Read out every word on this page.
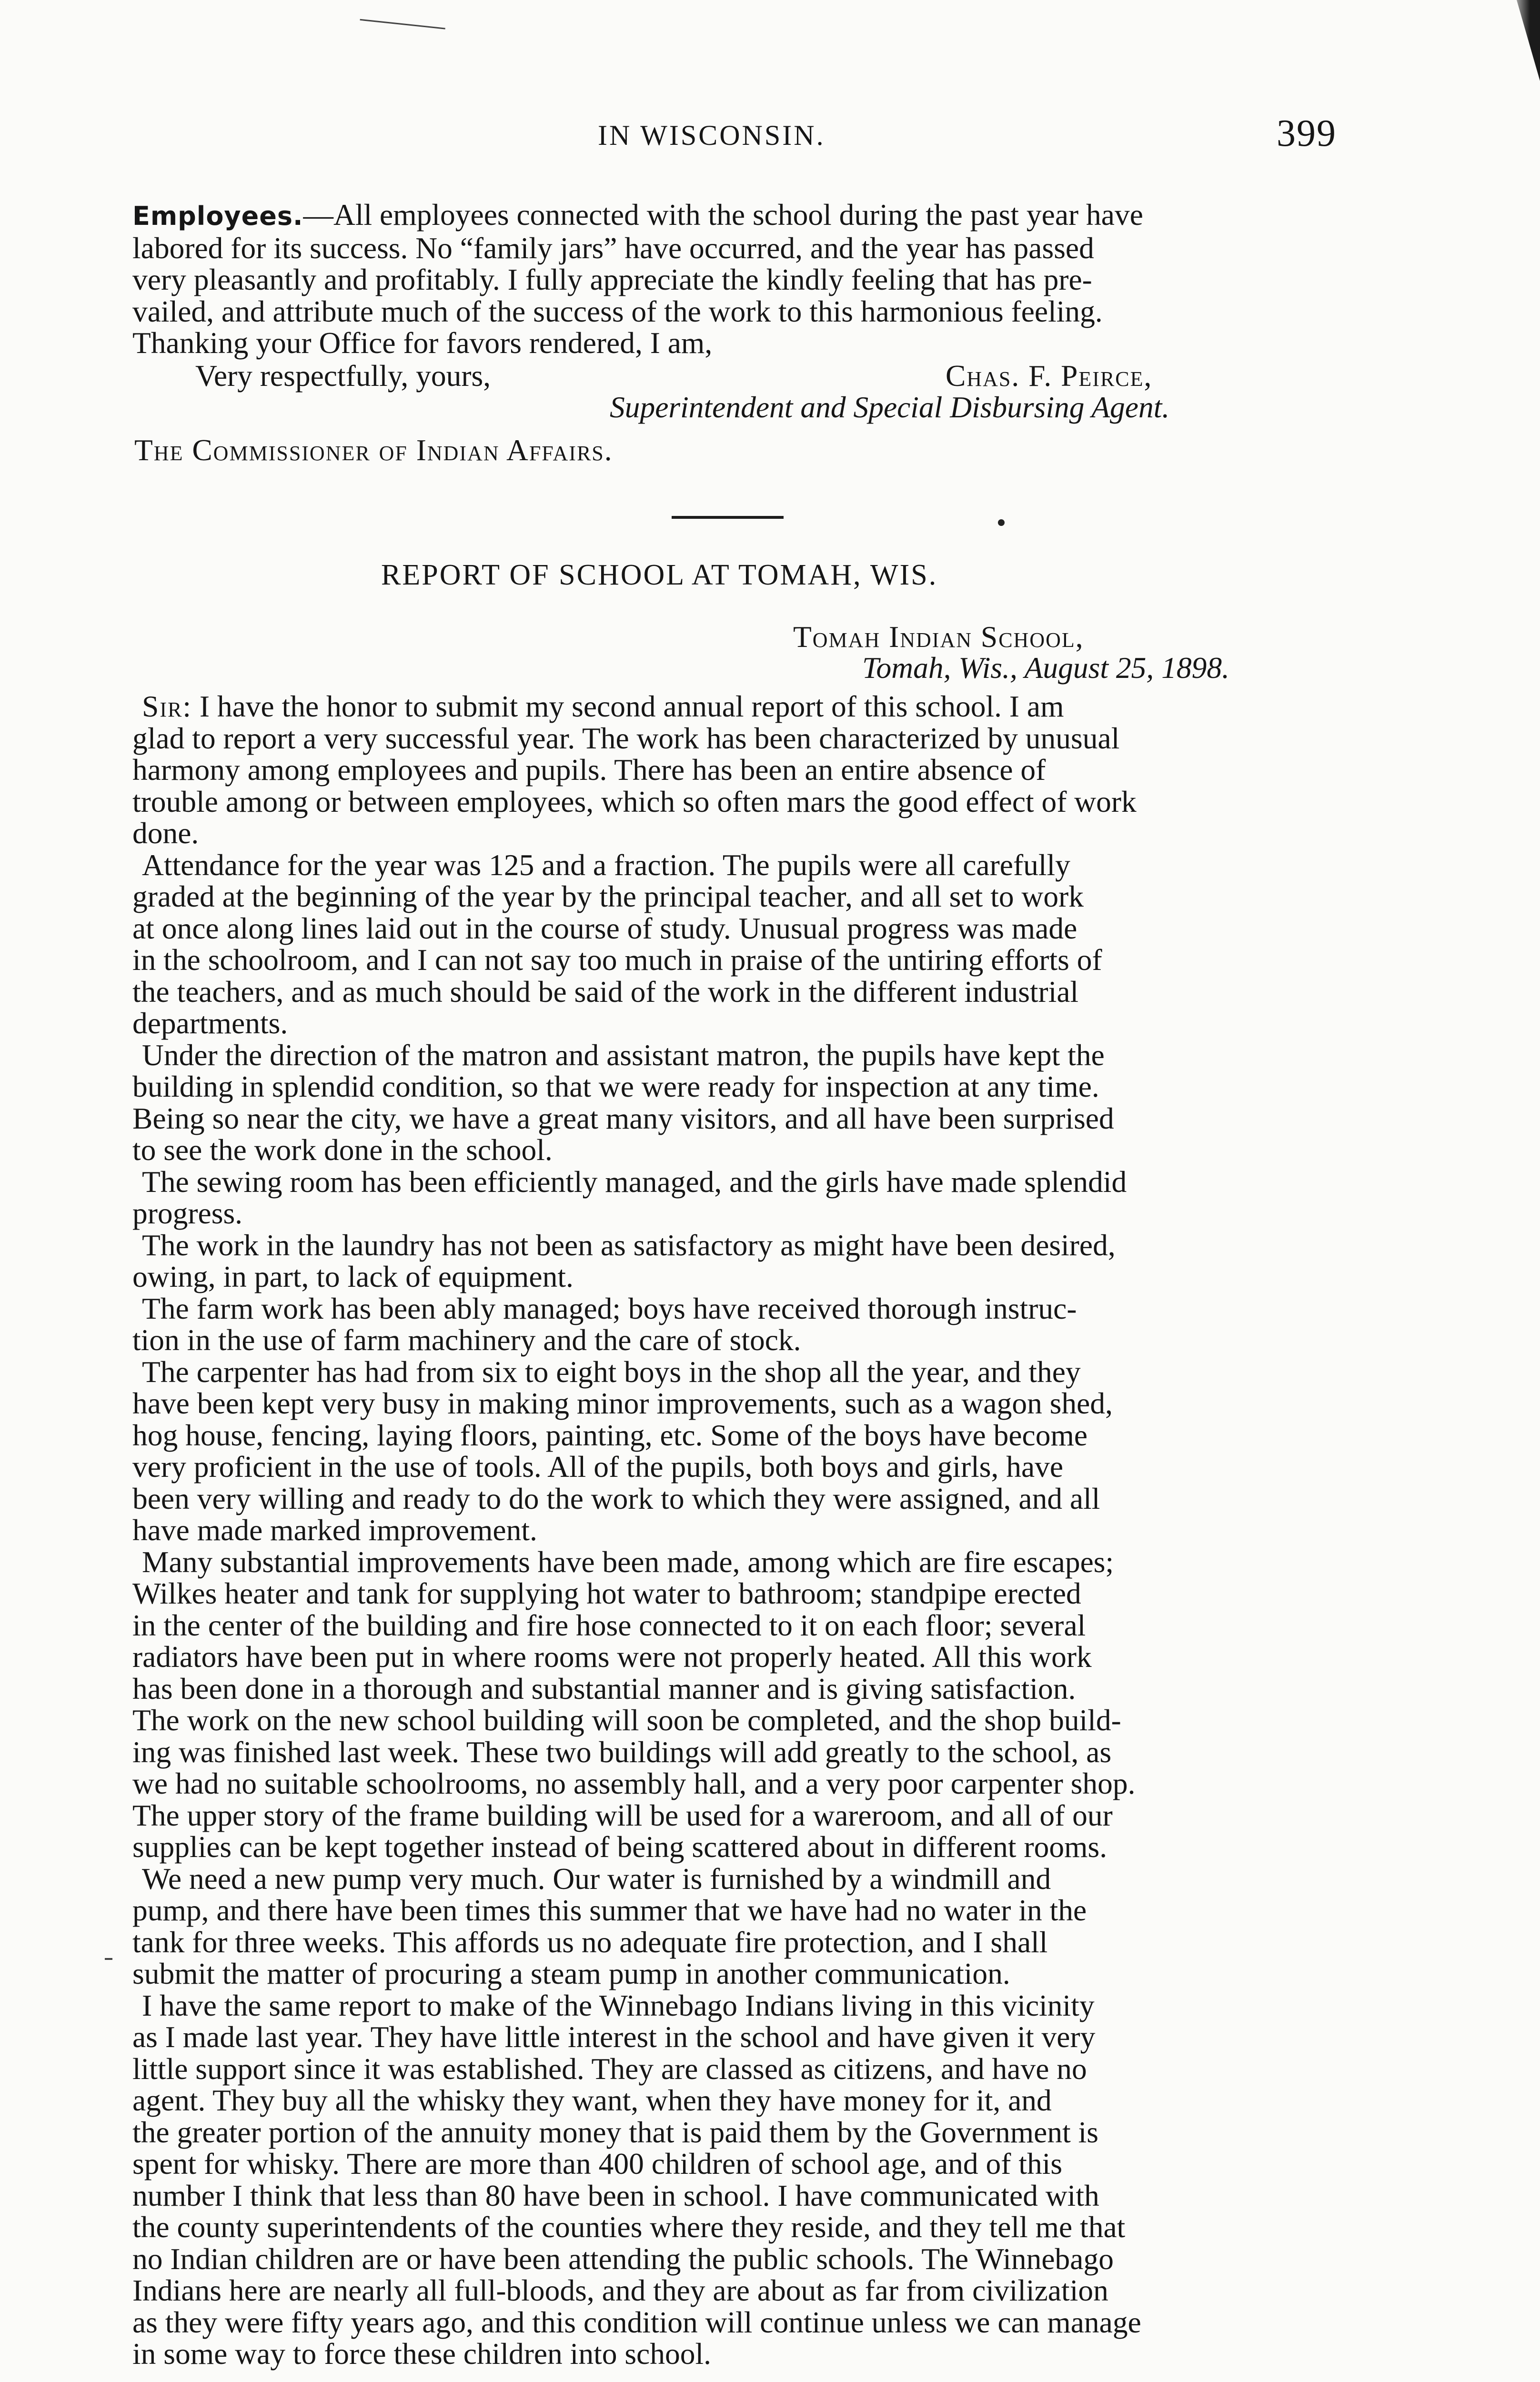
IN WISCONSIN.	399
Employees.—All employees connected with the school during the past year have
labored for its success. No “family jars” have occurred, and the year has passed
very pleasantly and profitably. I fully appreciate the kindly feeling that has pre-
vailed, and attribute much of the success of the work to this harmonious feeling.
Thanking your Office for favors rendered, I am,
Very respectfully, yours,	Chas. F. Peirce,
Superintendent and Special Disbursing Agent.
The Commissioner of Indian Affairs.
REPORT OF SCHOOL AT TOMAH, WIS.
Tomah Indian School,
Tomah, Wis., August 25, 1898.
Sir: I have the honor to submit my second annual report of this school. I am
glad to report a very successful year. The work has been characterized by unusual
harmony among employees and pupils. There has been an entire absence of
trouble among or between employees, which so often mars the good effect of work
done.
Attendance for the year was 125 and a fraction. The pupils were all carefully
graded at the beginning of the year by the principal teacher, and all set to work
at once along lines laid out in the course of study. Unusual progress was made
in the schoolroom, and I can not say too much in praise of the untiring efforts of
the teachers, and as much should be said of the work in the different industrial
departments.
Under the direction of the matron and assistant matron, the pupils have kept the
building in splendid condition, so that we were ready for inspection at any time.
Being so near the city, we have a great many visitors, and all have been surprised
to see the work done in the school.
The sewing room has been efficiently managed, and the girls have made splendid
progress.
The work in the laundry has not been as satisfactory as might have been desired,
owing, in part, to lack of equipment.
The farm work has been ably managed; boys have received thorough instruc-
tion in the use of farm machinery and the care of stock.
The carpenter has had from six to eight boys in the shop all the year, and they
have been kept very busy in making minor improvements, such as a wagon shed,
hog house, fencing, laying floors, painting, etc. Some of the boys have become
very proficient in the use of tools. All of the pupils, both boys and girls, have
been very willing and ready to do the work to which they were assigned, and all
have made marked improvement.
Many substantial improvements have been made, among which are fire escapes;
Wilkes heater and tank for supplying hot water to bathroom; standpipe erected
in the center of the building and fire hose connected to it on each floor; several
radiators have been put in where rooms were not properly heated. All this work
has been done in a thorough and substantial manner and is giving satisfaction.
The work on the new school building will soon be completed, and the shop build-
ing was finished last week. These two buildings will add greatly to the school, as
we had no suitable schoolrooms, no assembly hall, and a very poor carpenter shop.
The upper story of the frame building will be used for a wareroom, and all of our
supplies can be kept together instead of being scattered about in different rooms.
We need a new pump very much. Our water is furnished by a windmill and
pump, and there have been times this summer that we have had no water in the
tank for three weeks. This affords us no adequate fire protection, and I shall
submit the matter of procuring a steam pump in another communication.
I have the same report to make of the Winnebago Indians living in this vicinity
as I made last year. They have little interest in the school and have given it very
little support since it was established. They are classed as citizens, and have no
agent. They buy all the whisky they want, when they have money for it, and
the greater portion of the annuity money that is paid them by the Government is
spent for whisky. There are more than 400 children of school age, and of this
number I think that less than 80 have been in school. I have communicated with
the county superintendents of the counties where they reside, and they tell me that
no Indian children are or have been attending the public schools. The Winnebago
Indians here are nearly all full-bloods, and they are about as far from civilization
as they were fifty years ago, and this condition will continue unless we can manage
in some way to force these children into school.
